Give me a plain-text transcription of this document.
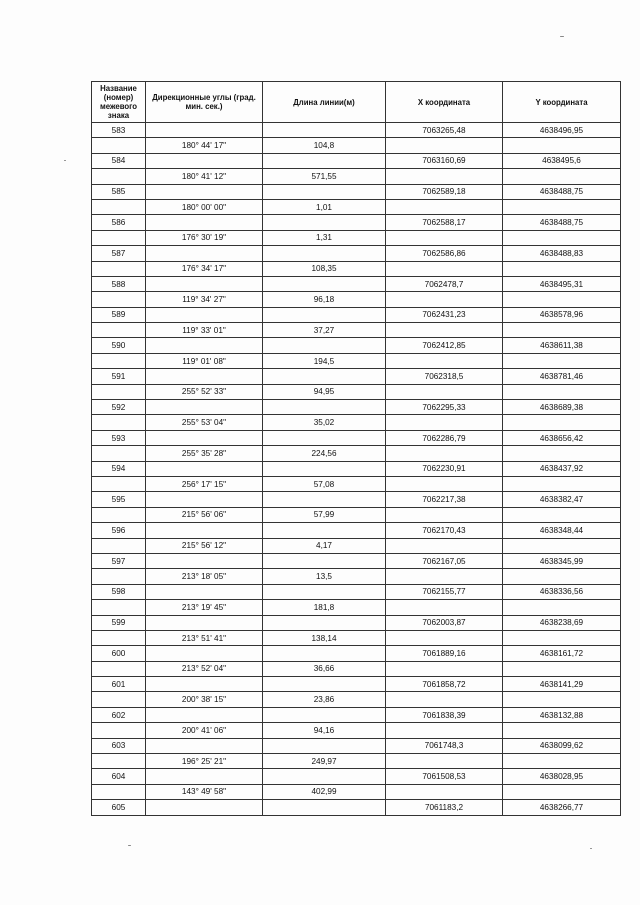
Название (номер) межевого знака	Дирекционные углы (град. мин. сек.)	Длина линии(м)	X координата	Y координата
583			7063265,48	4638496,95
	180° 44' 17"	104,8		
584			7063160,69	4638495,6
	180° 41' 12"	571,55		
585			7062589,18	4638488,75
	180° 00' 00"	1,01		
586			7062588,17	4638488,75
	176° 30' 19"	1,31		
587			7062586,86	4638488,83
	176° 34' 17"	108,35		
588			7062478,7	4638495,31
	119° 34' 27"	96,18		
589			7062431,23	4638578,96
	119° 33' 01"	37,27		
590			7062412,85	4638611,38
	119° 01' 08"	194,5		
591			7062318,5	4638781,46
	255° 52' 33"	94,95		
592			7062295,33	4638689,38
	255° 53' 04"	35,02		
593			7062286,79	4638656,42
	255° 35' 28"	224,56		
594			7062230,91	4638437,92
	256° 17' 15"	57,08		
595			7062217,38	4638382,47
	215° 56' 06"	57,99		
596			7062170,43	4638348,44
	215° 56' 12"	4,17		
597			7062167,05	4638345,99
	213° 18' 05"	13,5		
598			7062155,77	4638336,56
	213° 19' 45"	181,8		
599			7062003,87	4638238,69
	213° 51' 41"	138,14		
600			7061889,16	4638161,72
	213° 52' 04"	36,66		
601			7061858,72	4638141,29
	200° 38' 15"	23,86		
602			7061838,39	4638132,88
	200° 41' 06"	94,16		
603			7061748,3	4638099,62
	196° 25' 21"	249,97		
604			7061508,53	4638028,95
	143° 49' 58"	402,99		
605			7061183,2	4638266,77
